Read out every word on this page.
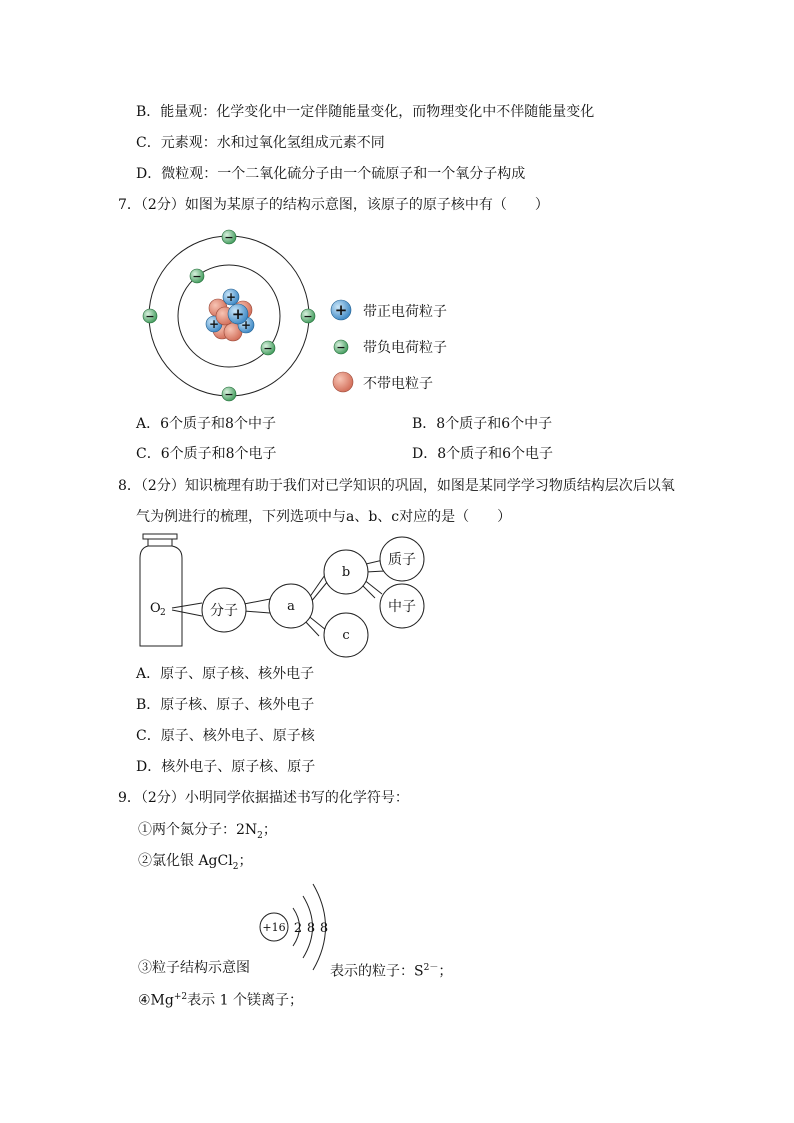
B．能量观：化学变化中一定伴随能量变化，而物理变化中不伴随能量变化
C．元素观：水和过氧化氢组成元素不同
D．微粒观：一个二氧化硫分子由一个硫原子和一个氧分子构成
7．（2分）如图为某原子的结构示意图，该原子的原子核中有（　　）
+
+ +
+
−
−	−
−
−
−
+ 带正电荷粒子
− 带负电荷粒子
不带电粒子
A．6个质子和8个中子	B．8个质子和6个中子
C．6个质子和8个电子	D．8个质子和6个电子
8．（2分）知识梳理有助于我们对已学知识的巩固，如图是某同学学习物质结构层次后以氧
气为例进行的梳理，下列选项中与a、b、c对应的是（　　）
O 2	分子	a
b
c
质子
中子
A．原子、原子核、核外电子
B．原子核、原子、核外电子
C．原子、核外电子、原子核
D．核外电子、原子核、原子
9．（2分）小明同学依据描述书写的化学符号：
①两个氮分子：$2N_2$；
②氯化银 AgCl$_2$；
+16 2 8 8
③粒子结构示意图	表示的粒子：$S^{2-}$；
$④Mg^{+2}$表示 1 个镁离子；
